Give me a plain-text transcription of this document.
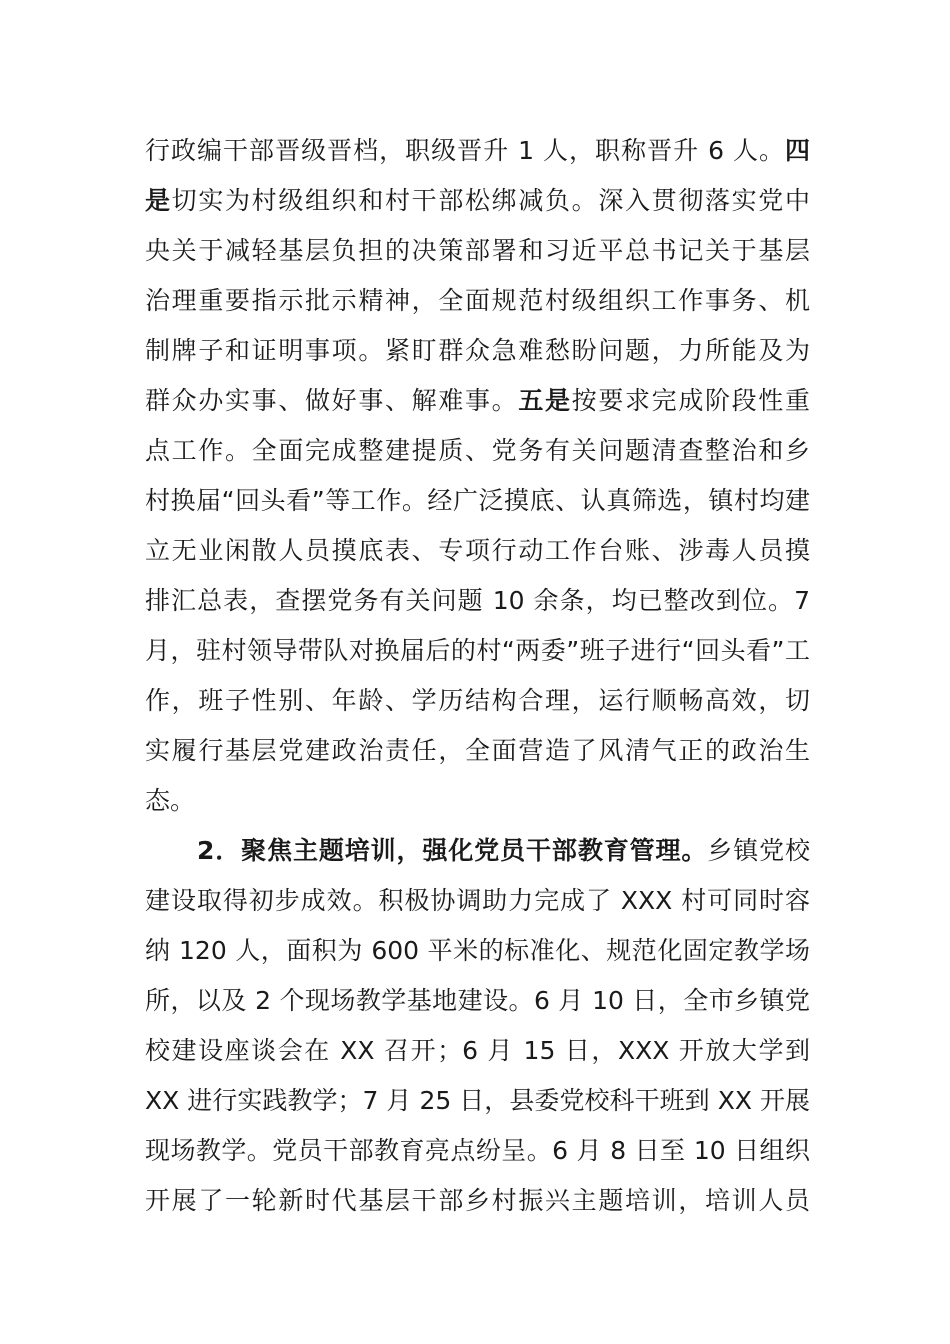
行政编干部晋级晋档，职级晋升 1 人，职称晋升 6 人。四
是切实为村级组织和村干部松绑减负。深入贯彻落实党中
央关于减轻基层负担的决策部署和习近平总书记关于基层
治理重要指示批示精神，全面规范村级组织工作事务、机
制牌子和证明事项。紧盯群众急难愁盼问题，力所能及为
群众办实事、做好事、解难事。五是按要求完成阶段性重
点工作。全面完成整建提质、党务有关问题清查整治和乡
村换届“回头看”等工作。经广泛摸底、认真筛选，镇村均建
立无业闲散人员摸底表、专项行动工作台账、涉毒人员摸
排汇总表，查摆党务有关问题 10 余条，均已整改到位。7
月，驻村领导带队对换届后的村“两委”班子进行“回头看”工
作，班子性别、年龄、学历结构合理，运行顺畅高效，切
实履行基层党建政治责任，全面营造了风清气正的政治生
态。
2．聚焦主题培训，强化党员干部教育管理。乡镇党校
建设取得初步成效。积极协调助力完成了 XXX 村可同时容
纳 120 人，面积为 600 平米的标准化、规范化固定教学场
所，以及 2 个现场教学基地建设。6 月 10 日，全市乡镇党
校建设座谈会在 XX 召开；6 月 15 日，XXX 开放大学到
XX 进行实践教学；7 月 25 日，县委党校科干班到 XX 开展
现场教学。党员干部教育亮点纷呈。6 月 8 日至 10 日组织
开展了一轮新时代基层干部乡村振兴主题培训，培训人员
